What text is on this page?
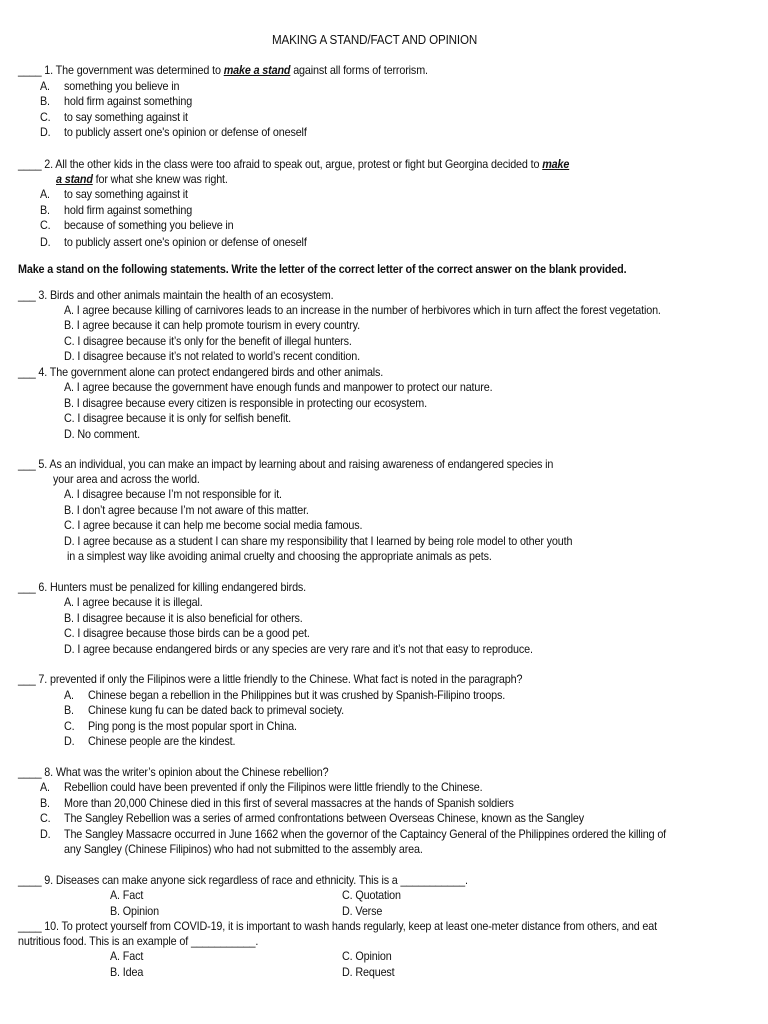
MAKING A STAND/FACT AND OPINION
____ 1. The government was determined to make a stand against all forms of terrorism.
A. something you believe in
B. hold firm against something
C. to say something against it
D. to publicly assert one's opinion or defense of oneself
____ 2. All the other kids in the class were too afraid to speak out, argue, protest or fight but Georgina decided to make
a stand for what she knew was right.
A. to say something against it
B. hold firm against something
C. because of something you believe in
D. to publicly assert one's opinion or defense of oneself
Make a stand on the following statements. Write the letter of the correct letter of the correct answer on the blank provided.
___ 3. Birds and other animals maintain the health of an ecosystem.
A. I agree because killing of carnivores leads to an increase in the number of herbivores which in turn affect the forest vegetation.
B. I agree because it can help promote tourism in every country.
C. I disagree because it’s only for the benefit of illegal hunters.
D. I disagree because it’s not related to world’s recent condition.
___ 4. The government alone can protect endangered birds and other animals.
A. I agree because the government have enough funds and manpower to protect our nature.
B. I disagree because every citizen is responsible in protecting our ecosystem.
C. I disagree because it is only for selfish benefit.
D. No comment.
___ 5. As an individual, you can make an impact by learning about and raising awareness of endangered species in
your area and across the world.
A. I disagree because I’m not responsible for it.
B. I don’t agree because I’m not aware of this matter.
C. I agree because it can help me become social media famous.
D. I agree because as a student I can share my responsibility that I learned by being role model to other youth
in a simplest way like avoiding animal cruelty and choosing the appropriate animals as pets.
___ 6. Hunters must be penalized for killing endangered birds.
A. I agree because it is illegal.
B. I disagree because it is also beneficial for others.
C. I disagree because those birds can be a good pet.
D. I agree because endangered birds or any species are very rare and it’s not that easy to reproduce.
___ 7. prevented if only the Filipinos were a little friendly to the Chinese. What fact is noted in the paragraph?
A. Chinese began a rebellion in the Philippines but it was crushed by Spanish-Filipino troops.
B. Chinese kung fu can be dated back to primeval society.
C. Ping pong is the most popular sport in China.
D. Chinese people are the kindest.
____ 8. What was the writer’s opinion about the Chinese rebellion?
A. Rebellion could have been prevented if only the Filipinos were little friendly to the Chinese.
B. More than 20,000 Chinese died in this first of several massacres at the hands of Spanish soldiers
C. The Sangley Rebellion was a series of armed confrontations between Overseas Chinese, known as the Sangley
D. The Sangley Massacre occurred in June 1662 when the governor of the Captaincy General of the Philippines ordered the killing of
any Sangley (Chinese Filipinos) who had not submitted to the assembly area.
____ 9. Diseases can make anyone sick regardless of race and ethnicity. This is a ___________.
A. Fact	C. Quotation
B. Opinion	D. Verse
____ 10. To protect yourself from COVID-19, it is important to wash hands regularly, keep at least one-meter distance from others, and eat
nutritious food. This is an example of ___________.
A. Fact	C. Opinion
B. Idea	D. Request
